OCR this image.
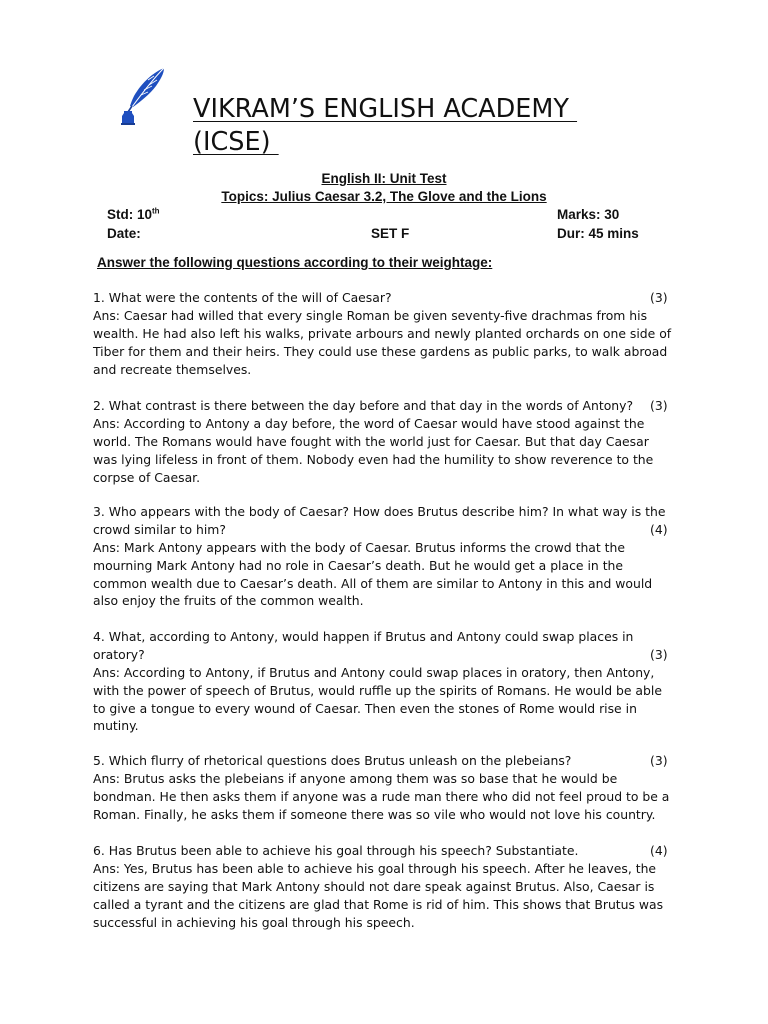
VIKRAM’S ENGLISH ACADEMY
(ICSE)
English II: Unit Test
Topics: Julius Caesar 3.2, The Glove and the Lions
Std: 10th	Marks: 30
Date:	SET F	Dur: 45 mins
Answer the following questions according to their weightage:
1. What were the contents of the will of Caesar?	(3)
Ans: Caesar had willed that every single Roman be given seventy-five drachmas from his
wealth. He had also left his walks, private arbours and newly planted orchards on one side of
Tiber for them and their heirs. They could use these gardens as public parks, to walk abroad
and recreate themselves.
2. What contrast is there between the day before and that day in the words of Antony? (3)
Ans: According to Antony a day before, the word of Caesar would have stood against the
world. The Romans would have fought with the world just for Caesar. But that day Caesar
was lying lifeless in front of them. Nobody even had the humility to show reverence to the
corpse of Caesar.
3. Who appears with the body of Caesar? How does Brutus describe him? In what way is the
crowd similar to him?	(4)
Ans: Mark Antony appears with the body of Caesar. Brutus informs the crowd that the
mourning Mark Antony had no role in Caesar’s death. But he would get a place in the
common wealth due to Caesar’s death. All of them are similar to Antony in this and would
also enjoy the fruits of the common wealth.
4. What, according to Antony, would happen if Brutus and Antony could swap places in
oratory?	(3)
Ans: According to Antony, if Brutus and Antony could swap places in oratory, then Antony,
with the power of speech of Brutus, would ruffle up the spirits of Romans. He would be able
to give a tongue to every wound of Caesar. Then even the stones of Rome would rise in
mutiny.
5. Which flurry of rhetorical questions does Brutus unleash on the plebeians?	(3)
Ans: Brutus asks the plebeians if anyone among them was so base that he would be
bondman. He then asks them if anyone was a rude man there who did not feel proud to be a
Roman. Finally, he asks them if someone there was so vile who would not love his country.
6. Has Brutus been able to achieve his goal through his speech? Substantiate.	(4)
Ans: Yes, Brutus has been able to achieve his goal through his speech. After he leaves, the
citizens are saying that Mark Antony should not dare speak against Brutus. Also, Caesar is
called a tyrant and the citizens are glad that Rome is rid of him. This shows that Brutus was
successful in achieving his goal through his speech.
